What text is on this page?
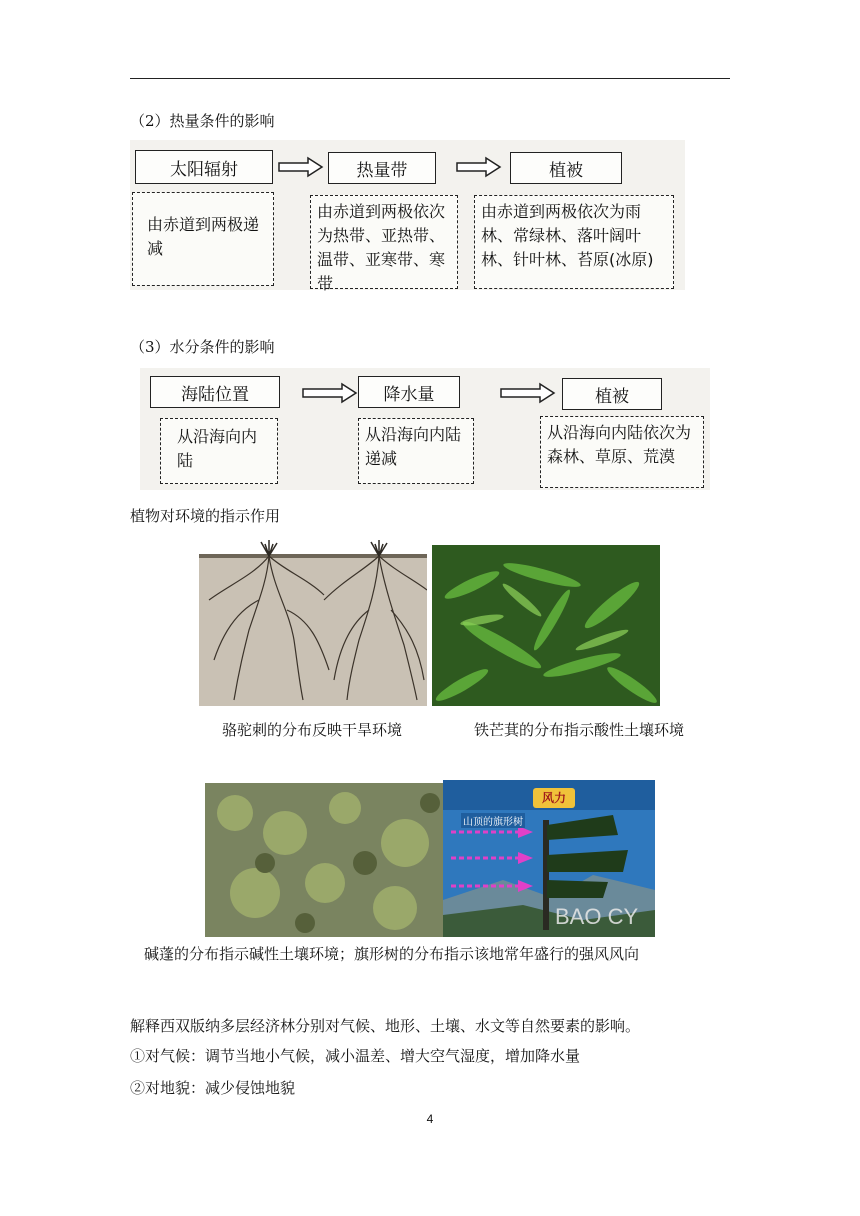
（2）热量条件的影响
太阳辐射	热量带	植被
由赤道到两极递减
由赤道到两极依次为热带、亚热带、温带、亚寒带、寒带
由赤道到两极依次为雨林、常绿林、落叶阔叶林、针叶林、苔原(冰原)
（3）水分条件的影响
海陆位置	降水量	植被
从沿海向内陆
从沿海向内陆递减
从沿海向内陆依次为森林、草原、荒漠
植物对环境的指示作用
骆驼刺的分布反映干旱环境	铁芒萁的分布指示酸性土壤环境
风力
山顶的旗形树
BAO CY
碱蓬的分布指示碱性土壤环境；旗形树的分布指示该地常年盛行的强风风向
解释西双版纳多层经济林分别对气候、地形、土壤、水文等自然要素的影响。
①对气候：调节当地小气候，减小温差、增大空气湿度，增加降水量
②对地貌：减少侵蚀地貌
4
